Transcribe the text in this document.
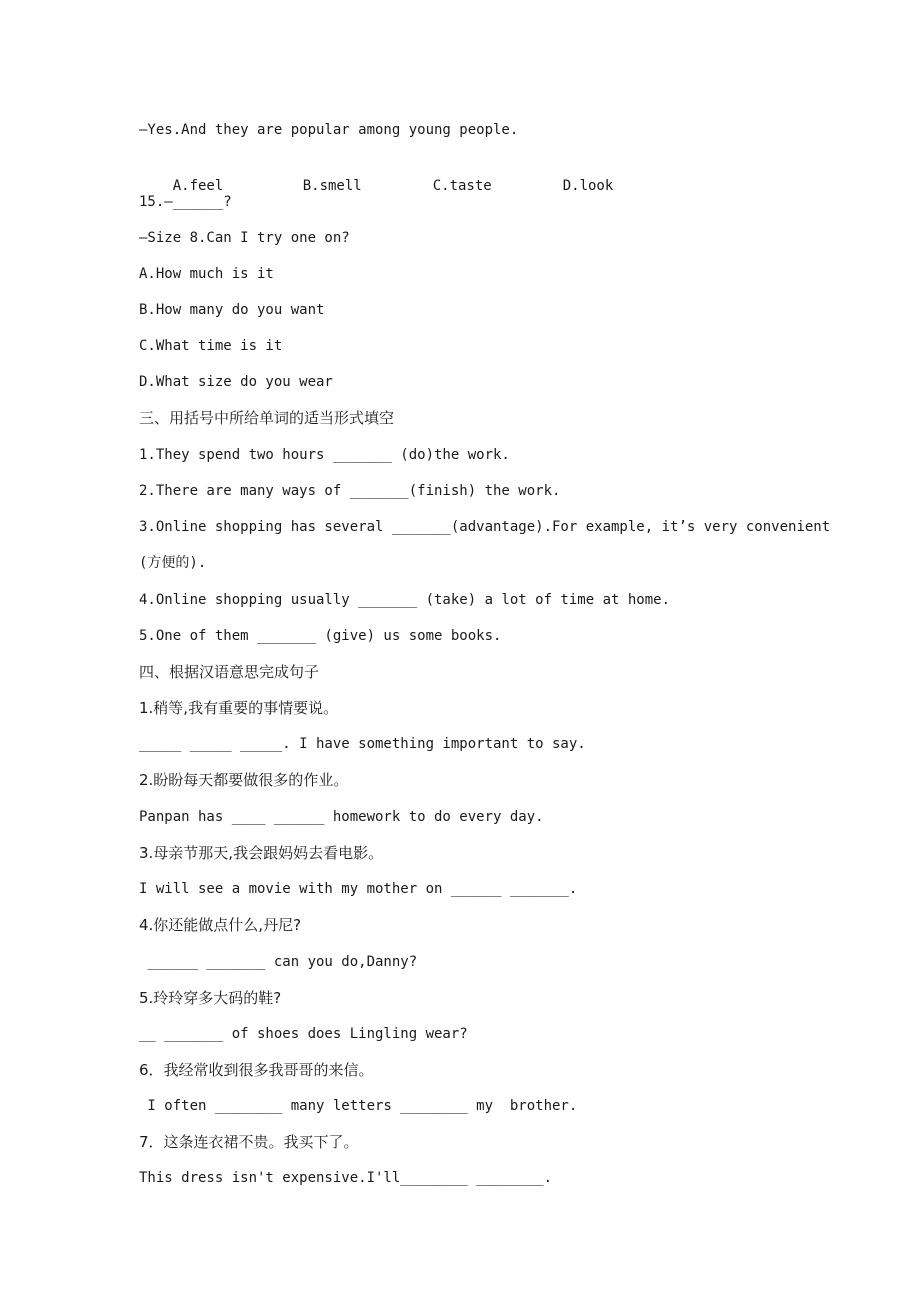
—Yes.And they are popular among young people.

A.feel	B.smell	C.taste	D.look

15.—______?
—Size 8.Can I try one on?
A.How much is it
B.How many do you want
C.What time is it
D.What size do you wear
三、用括号中所给单词的适当形式填空
1.They spend two hours _______ (do)the work.
2.There are many ways of _______(finish) the work.
3.Online shopping has several _______(advantage).For example, it’s very convenient
(方便的).
4.Online shopping usually _______ (take) a lot of time at home.
5.One of them _______ (give) us some books.
四、根据汉语意思完成句子
1.稍等,我有重要的事情要说。
_____ _____ _____. I have something important to say.
2.盼盼每天都要做很多的作业。
Panpan has ____ ______ homework to do every day.
3.母亲节那天,我会跟妈妈去看电影。
I will see a movie with my mother on ______ _______.
4.你还能做点什么,丹尼?
______ _______ can you do,Danny?
5.玲玲穿多大码的鞋?
__ _______ of shoes does Lingling wear?
6．我经常收到很多我哥哥的来信。
I often ________ many letters ________ my  brother.
7．这条连衣裙不贵。我买下了。
This dress isn't expensive.I'll________ ________.
